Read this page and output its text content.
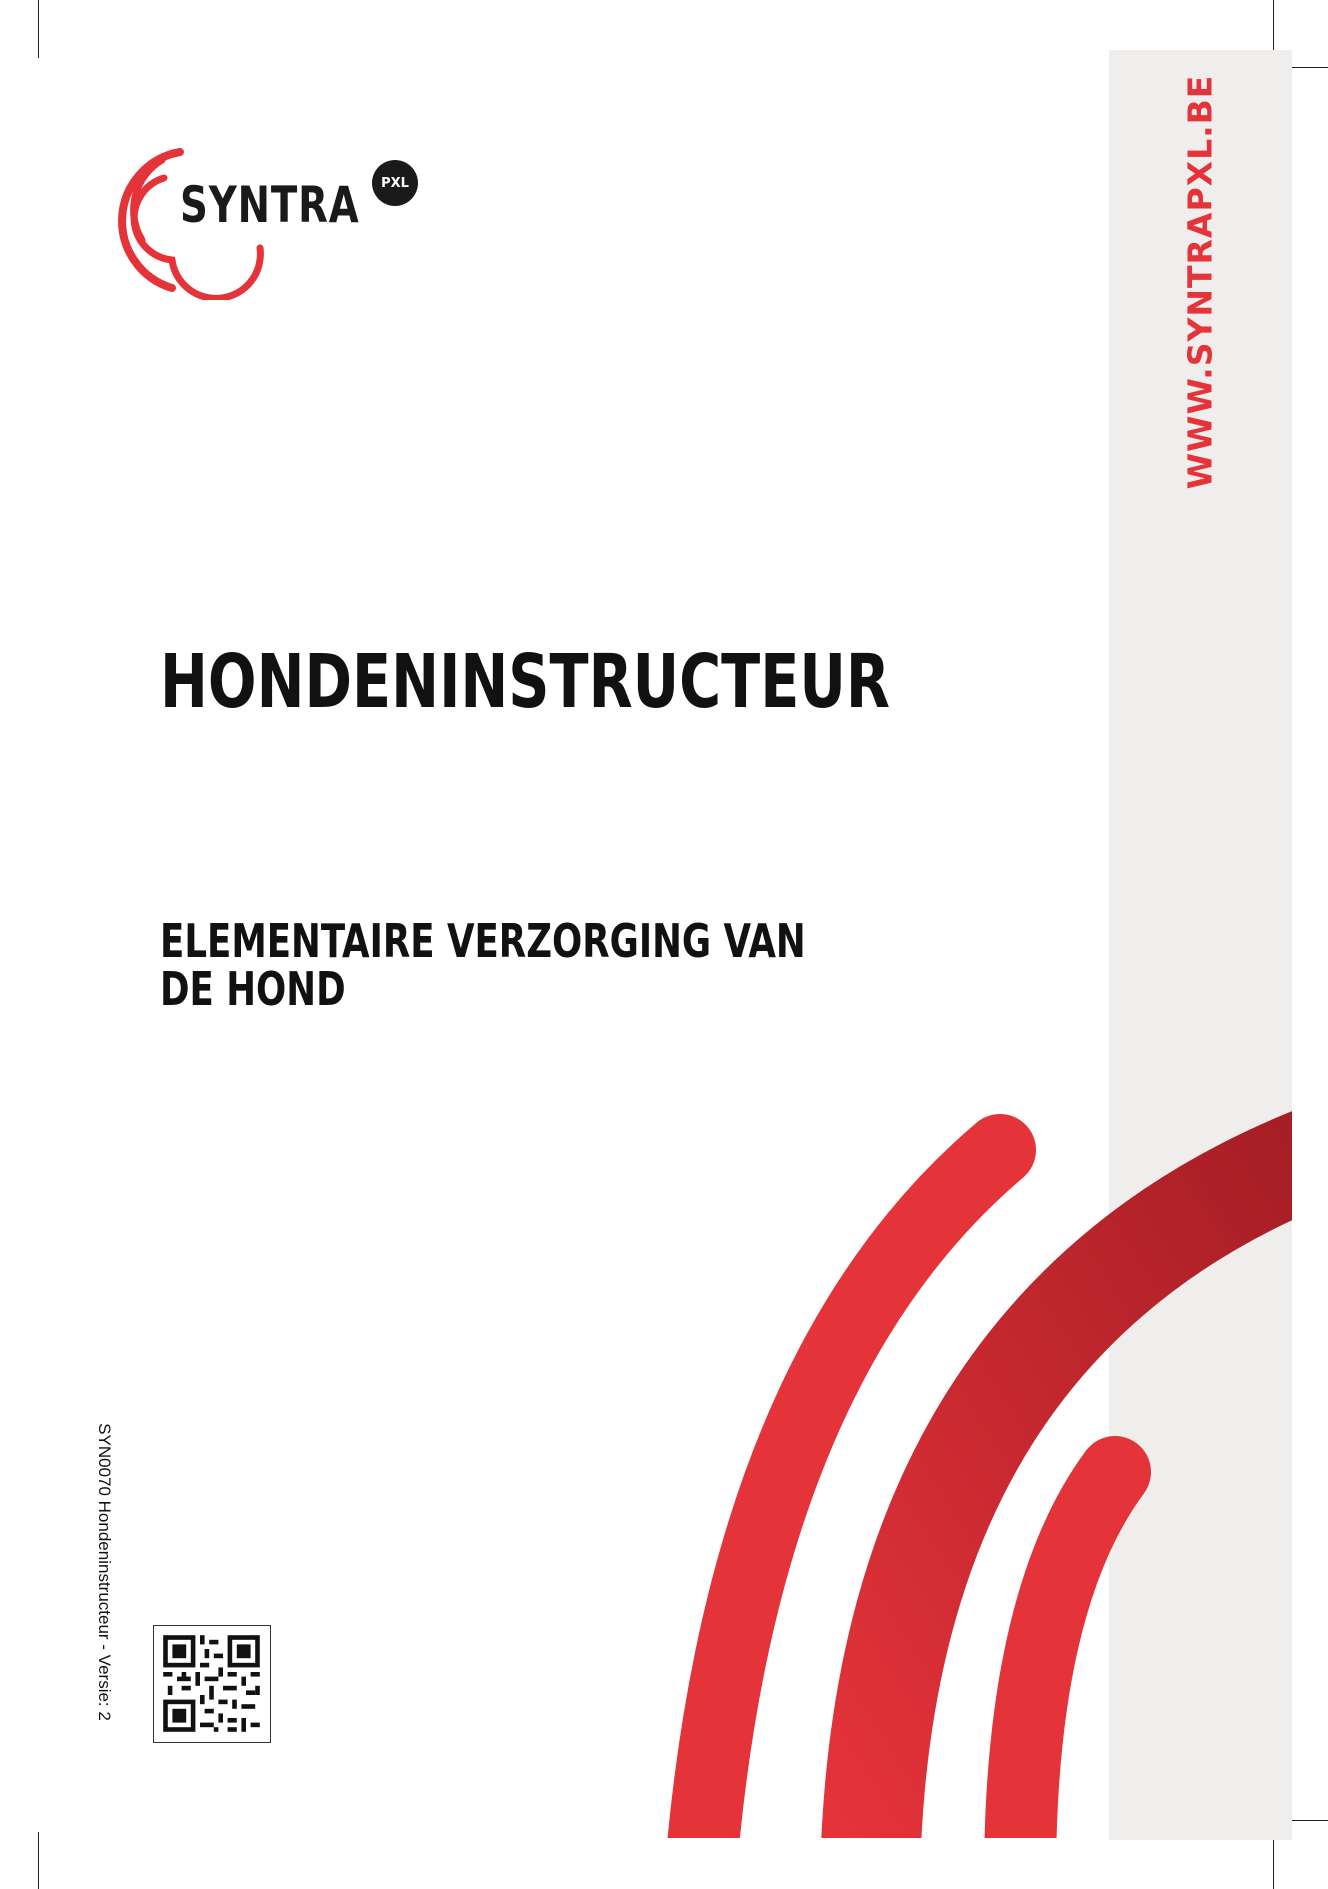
WWW.SYNTRAPXL.BE
SYNTRA	PXL
HONDENINSTRUCTEUR
ELEMENTAIRE VERZORGING VAN DE HOND
SYN0070 Hondeninstructeur - Versie: 2
